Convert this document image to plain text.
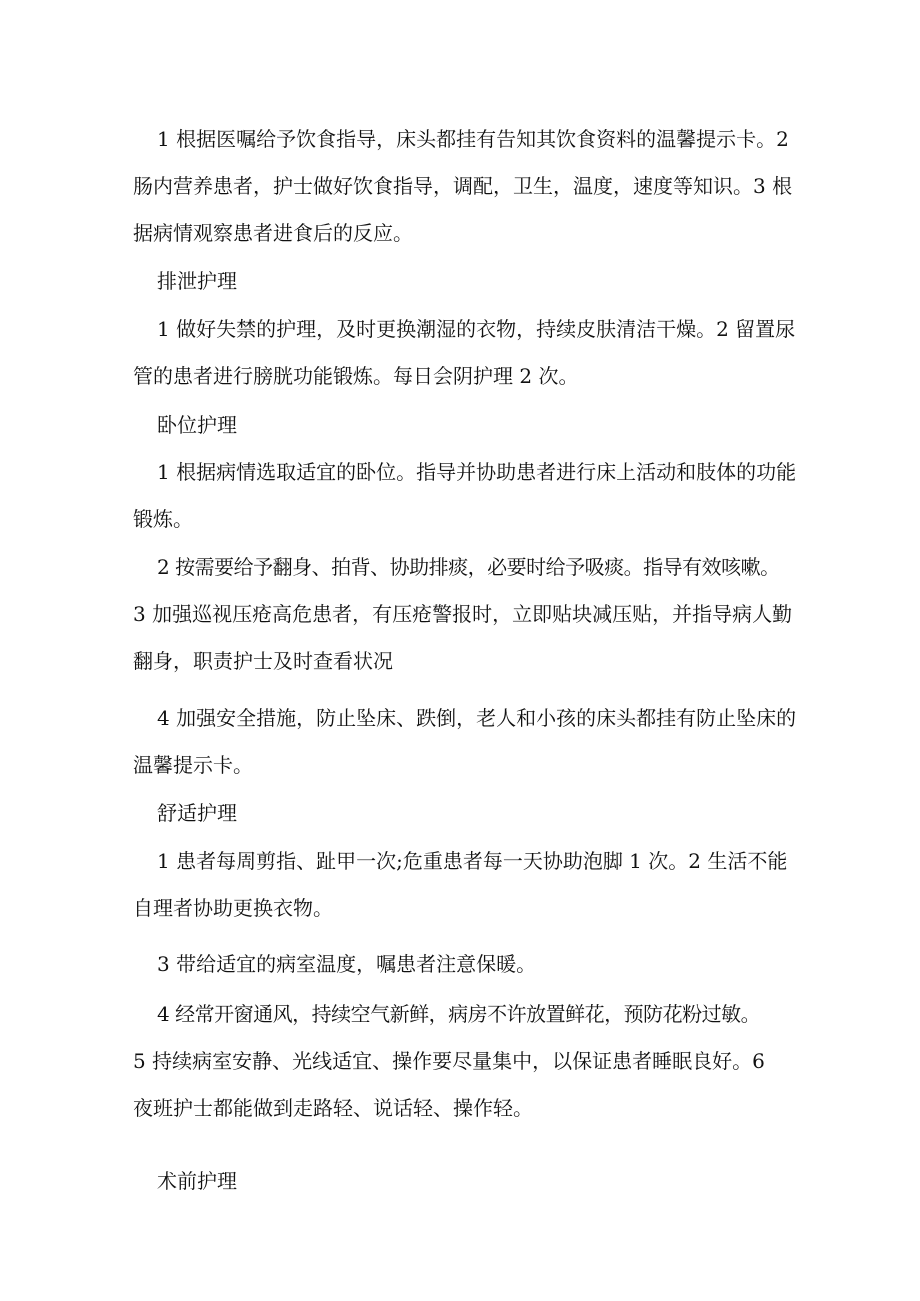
1 根据医嘱给予饮食指导，床头都挂有告知其饮食资料的温馨提示卡。2
肠内营养患者，护士做好饮食指导，调配，卫生，温度，速度等知识。3 根
据病情观察患者进食后的反应。
排泄护理
1 做好失禁的护理，及时更换潮湿的衣物，持续皮肤清洁干燥。2 留置尿
管的患者进行膀胱功能锻炼。每日会阴护理 2 次。
卧位护理
1 根据病情选取适宜的卧位。指导并协助患者进行床上活动和肢体的功能
锻炼。
2 按需要给予翻身、拍背、协助排痰，必要时给予吸痰。指导有效咳嗽。
3 加强巡视压疮高危患者，有压疮警报时，立即贴块减压贴，并指导病人勤
翻身，职责护士及时查看状况
4 加强安全措施，防止坠床、跌倒，老人和小孩的床头都挂有防止坠床的
温馨提示卡。
舒适护理
1 患者每周剪指、趾甲一次;危重患者每一天协助泡脚 1 次。2 生活不能
自理者协助更换衣物。
3 带给适宜的病室温度，嘱患者注意保暖。
4 经常开窗通风，持续空气新鲜，病房不许放置鲜花，预防花粉过敏。
5 持续病室安静、光线适宜、操作要尽量集中，以保证患者睡眠良好。6
夜班护士都能做到走路轻、说话轻、操作轻。
术前护理
